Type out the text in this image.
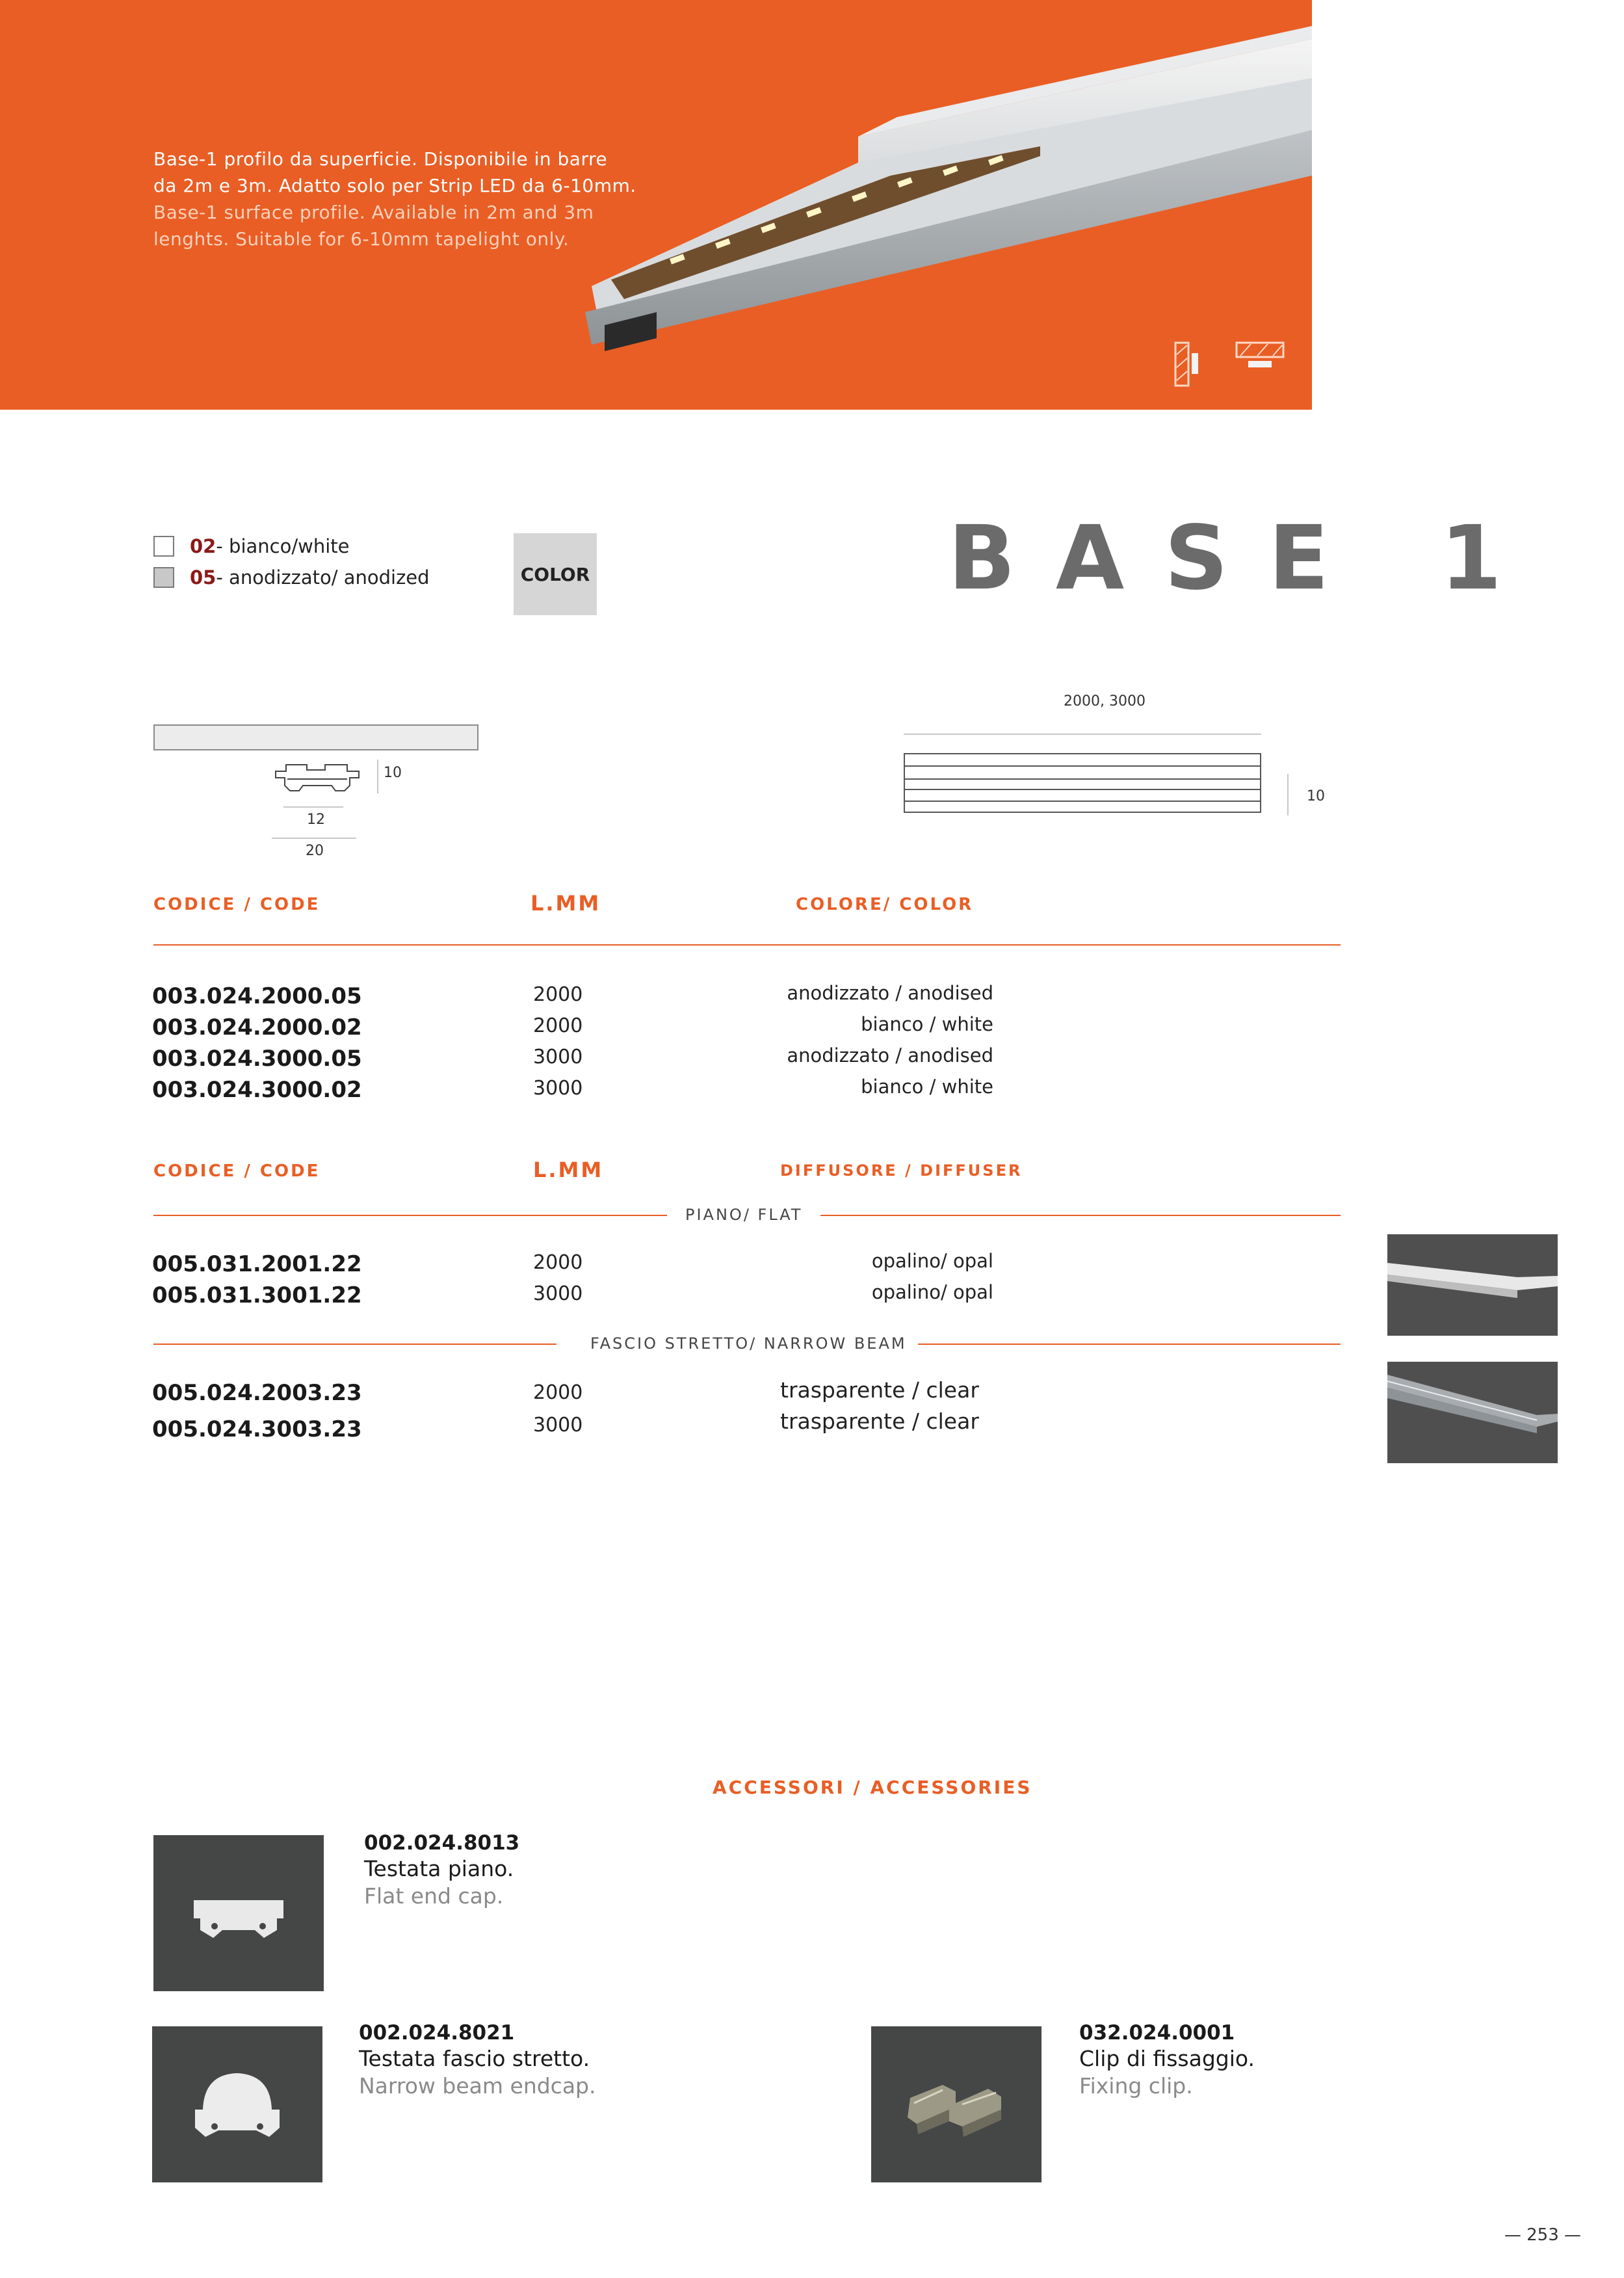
Base-1 profilo da superficie. Disponibile in barre
da 2m e 3m. Adatto solo per Strip LED da 6-10mm.
Base-1 surface profile. Available in 2m and 3m
lenghts. Suitable for 6-10mm tapelight only.
02- bianco/white
05- anodizzato/ anodized	COLOR	BASE 1
10
12
20
2000, 3000
10
CODICE / CODE	L.MM	COLORE/ COLOR
003.024.2000.05	2000	anodizzato / anodised
003.024.2000.02	2000	bianco / white
003.024.3000.05	3000	anodizzato / anodised
003.024.3000.02	3000	bianco / white
CODICE / CODE	L.MM	DIFFUSORE / DIFFUSER
PIANO/ FLAT
005.031.2001.22	2000	opalino/ opal
005.031.3001.22	3000	opalino/ opal
FASCIO STRETTO/ NARROW BEAM
005.024.2003.23	2000	trasparente / clear
005.024.3003.23	3000	trasparente / clear
ACCESSORI / ACCESSORIES
002.024.8013
Testata piano.
Flat end cap.
002.024.8021
Testata fascio stretto.
Narrow beam endcap.
032.024.0001
Clip di fissaggio.
Fixing clip.
— 253 —
